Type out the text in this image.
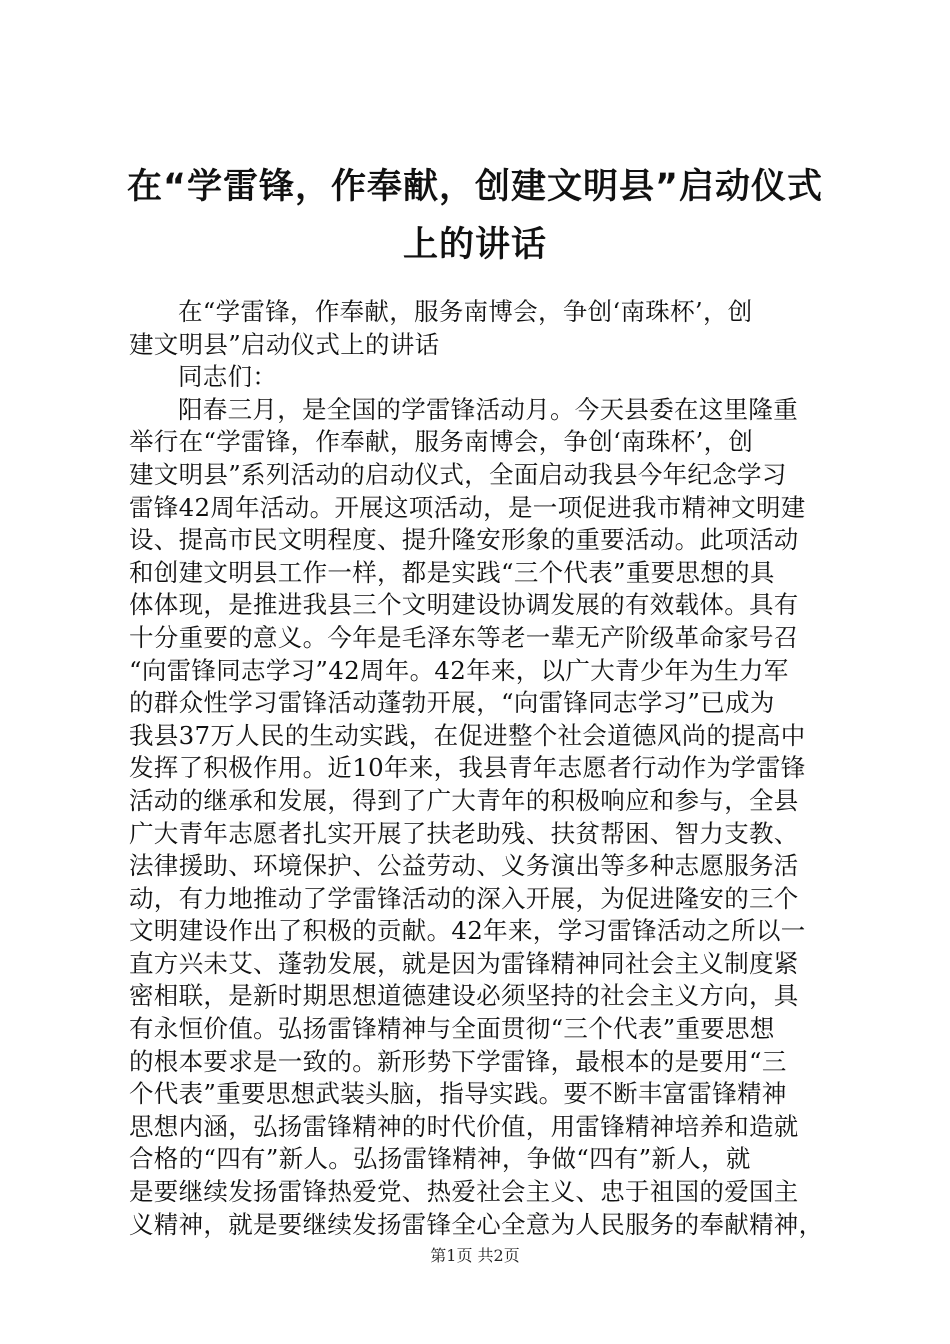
在“学雷锋，作奉献，创建文明县”启动仪式
上的讲话

在“学雷锋，作奉献，服务南博会，争创‘南珠杯’，创
建文明县”启动仪式上的讲话

同志们：

阳春三月，是全国的学雷锋活动月。今天县委在这里隆重
举行在“学雷锋，作奉献，服务南博会，争创‘南珠杯’，创
建文明县”系列活动的启动仪式，全面启动我县今年纪念学习
雷锋42周年活动。开展这项活动，是一项促进我市精神文明建
设、提高市民文明程度、提升隆安形象的重要活动。此项活动
和创建文明县工作一样，都是实践“三个代表”重要思想的具
体体现，是推进我县三个文明建设协调发展的有效载体。具有
十分重要的意义。今年是毛泽东等老一辈无产阶级革命家号召
“向雷锋同志学习”42周年。42年来，以广大青少年为生力军
的群众性学习雷锋活动蓬勃开展，“向雷锋同志学习”已成为
我县37万人民的生动实践，在促进整个社会道德风尚的提高中
发挥了积极作用。近10年来，我县青年志愿者行动作为学雷锋
活动的继承和发展，得到了广大青年的积极响应和参与，全县
广大青年志愿者扎实开展了扶老助残、扶贫帮困、智力支教、
法律援助、环境保护、公益劳动、义务演出等多种志愿服务活
动，有力地推动了学雷锋活动的深入开展，为促进隆安的三个
文明建设作出了积极的贡献。42年来，学习雷锋活动之所以一
直方兴未艾、蓬勃发展，就是因为雷锋精神同社会主义制度紧
密相联，是新时期思想道德建设必须坚持的社会主义方向，具
有永恒价值。弘扬雷锋精神与全面贯彻“三个代表”重要思想
的根本要求是一致的。新形势下学雷锋，最根本的是要用“三
个代表”重要思想武装头脑，指导实践。要不断丰富雷锋精神
思想内涵，弘扬雷锋精神的时代价值，用雷锋精神培养和造就
合格的“四有”新人。弘扬雷锋精神，争做“四有”新人，就
是要继续发扬雷锋热爱党、热爱社会主义、忠于祖国的爱国主
义精神，就是要继续发扬雷锋全心全意为人民服务的奉献精神，

第1页 共2页
